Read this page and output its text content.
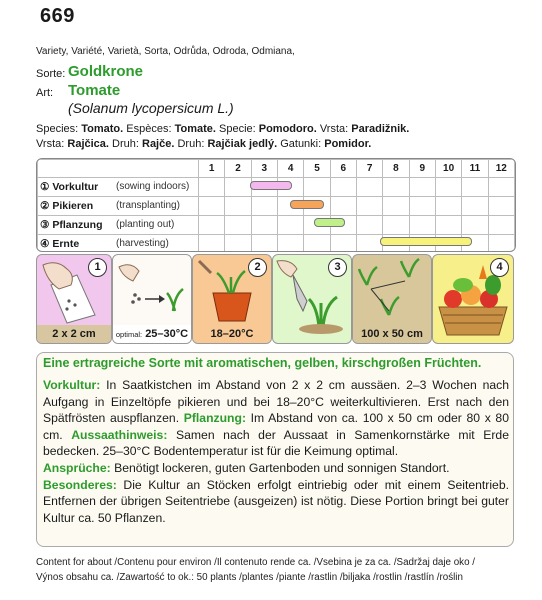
669
Variety, Variété, Varietà, Sorta, Odrůda, Odroda, Odmiana,
Sorte: Goldkrone
Art: Tomate
(Solanum lycopersicum L.)
Species: Tomato. Espèces: Tomate. Specie: Pomodoro. Vrsta: Paradižnik.
Vrsta: Rajčica. Druh: Rajče. Druh: Rajčiak jedlý. Gatunki: Pomidor.
	1	2	3	4	5	6	7	8	9	10	11	12
① Vorkultur (sowing indoors)												

② Pikieren (transplanting)												

③ Pflanzung (planting out)												

④ Ernte (harvesting)												

1
2 x 2 cm	optimal: 25–30°C
2
18–20°C
3
100 x 50 cm
4
Eine ertragreiche Sorte mit aromatischen, gelben, kirschgroßen Früchten.
Vorkultur: In Saatkistchen im Abstand von 2 x 2 cm aussäen. 2–3 Wochen nach Aufgang in Einzeltöpfe pikieren und bei 18–20°C weiterkultivieren. Erst nach den Spätfrösten auspflanzen. Pflanzung: Im Abstand von ca. 100 x 50 cm oder 80 x 80 cm. Aussaathinweis: Samen nach der Aussaat in Samenkornstärke mit Erde bedecken. 25–30°C Bodentemperatur ist für die Keimung optimal.
Ansprüche: Benötigt lockeren, guten Gartenboden und sonnigen Standort.
Besonderes: Die Kultur an Stöcken erfolgt eintriebig oder mit einem Seitentrieb. Entfernen der übrigen Seitentriebe (ausgeizen) ist nötig. Diese Portion bringt bei guter Kultur ca. 50 Pflanzen.
Content for about /Contenu pour environ /Il contenuto rende ca. /Vsebina je za ca. /Sadržaj daje oko /
Výnos obsahu ca. /Zawartość to ok.: 50 plants /plantes /piante /rastlin /biljaka /rostlin /rastlín /roślin
